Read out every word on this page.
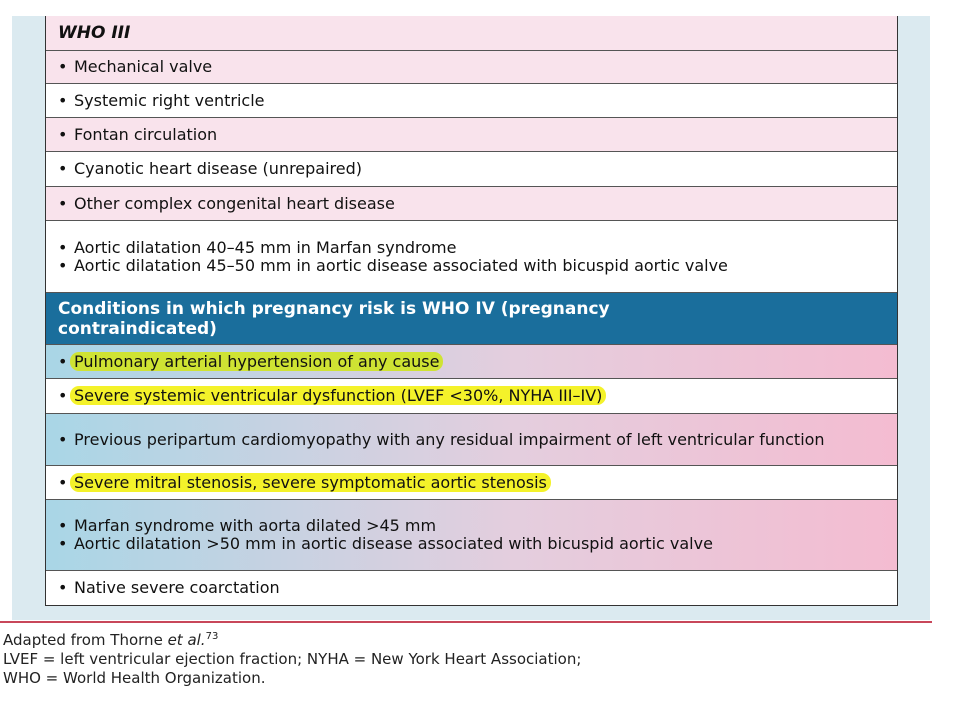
WHO III
• Mechanical valve
• Systemic right ventricle
• Fontan circulation
• Cyanotic heart disease (unrepaired)
• Other complex congenital heart disease
• Aortic dilatation 40–45 mm in Marfan syndrome
• Aortic dilatation 45–50 mm in aortic disease associated with bicuspid aortic valve
Conditions in which pregnancy risk is WHO IV (pregnancy contraindicated)
• Pulmonary arterial hypertension of any cause
• Severe systemic ventricular dysfunction (LVEF <30%, NYHA III–IV)
• Previous peripartum cardiomyopathy with any residual impairment of left ventricular function
• Severe mitral stenosis, severe symptomatic aortic stenosis
• Marfan syndrome with aorta dilated >45 mm
• Aortic dilatation >50 mm in aortic disease associated with bicuspid aortic valve
• Native severe coarctation
Adapted from Thorne et al.$^{73}$
LVEF = left ventricular ejection fraction; NYHA = New York Heart Association;
WHO = World Health Organization.
